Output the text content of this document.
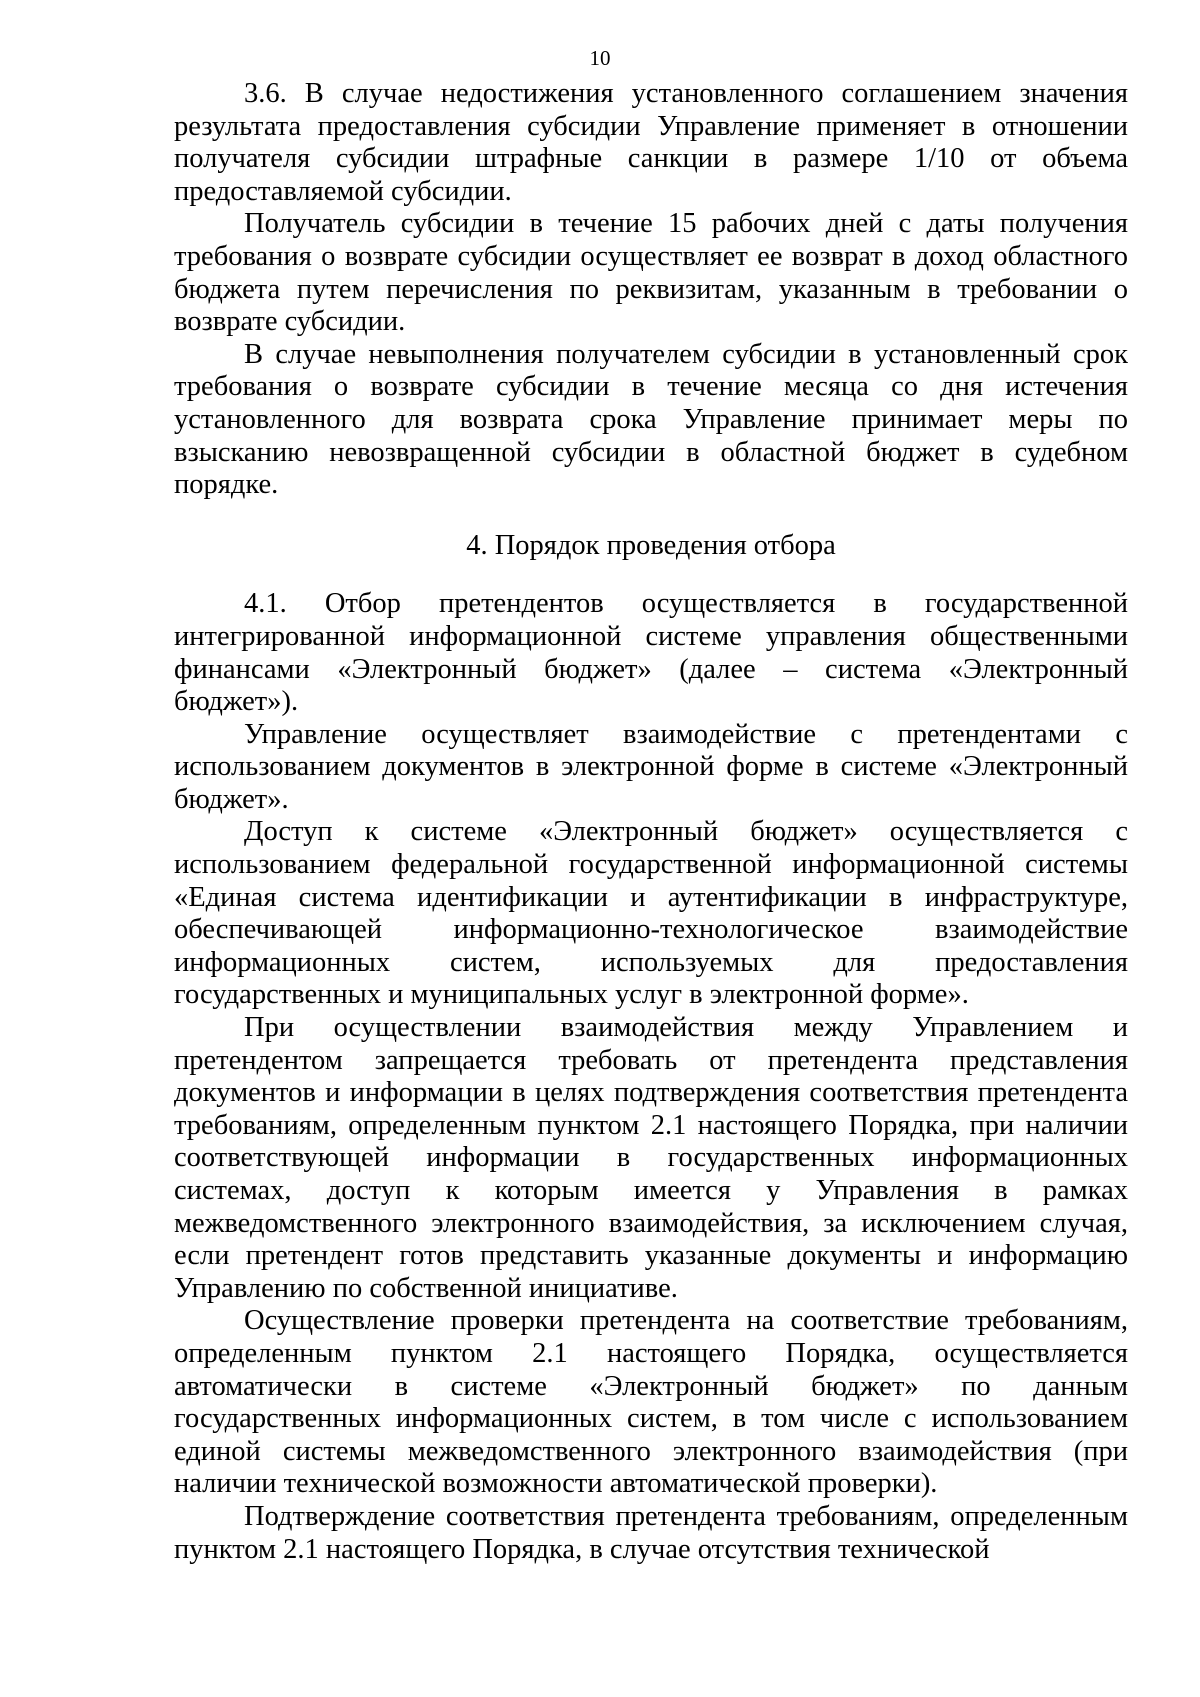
10

3.6. В случае недостижения установленного соглашением значения результата предоставления субсидии Управление применяет в отношении получателя субсидии штрафные санкции в размере 1/10 от объема предоставляемой субсидии.

Получатель субсидии в течение 15 рабочих дней с даты получения требования о возврате субсидии осуществляет ее возврат в доход областного бюджета путем перечисления по реквизитам, указанным в требовании о возврате субсидии.

В случае невыполнения получателем субсидии в установленный срок требования о возврате субсидии в течение месяца со дня истечения установленного для возврата срока Управление принимает меры по взысканию невозвращенной субсидии в областной бюджет в судебном порядке.

4. Порядок проведения отбора

4.1. Отбор претендентов осуществляется в государственной интегрированной информационной системе управления общественными финансами «Электронный бюджет» (далее – система «Электронный бюджет»).

Управление осуществляет взаимодействие с претендентами с использованием документов в электронной форме в системе «Электронный бюджет».

Доступ к системе «Электронный бюджет» осуществляется с использованием федеральной государственной информационной системы «Единая система идентификации и аутентификации в инфраструктуре, обеспечивающей информационно-технологическое взаимодействие информационных систем, используемых для предоставления государственных и муниципальных услуг в электронной форме».

При осуществлении взаимодействия между Управлением и претендентом запрещается требовать от претендента представления документов и информации в целях подтверждения соответствия претендента требованиям, определенным пунктом 2.1 настоящего Порядка, при наличии соответствующей информации в государственных информационных системах, доступ к которым имеется у Управления в рамках межведомственного электронного взаимодействия, за исключением случая, если претендент готов представить указанные документы и информацию Управлению по собственной инициативе.

Осуществление проверки претендента на соответствие требованиям, определенным пунктом 2.1 настоящего Порядка, осуществляется автоматически в системе «Электронный бюджет» по данным государственных информационных систем, в том числе с использованием единой системы межведомственного электронного взаимодействия (при наличии технической возможности автоматической проверки).

Подтверждение соответствия претендента требованиям, определенным пунктом 2.1 настоящего Порядка, в случае отсутствия технической
